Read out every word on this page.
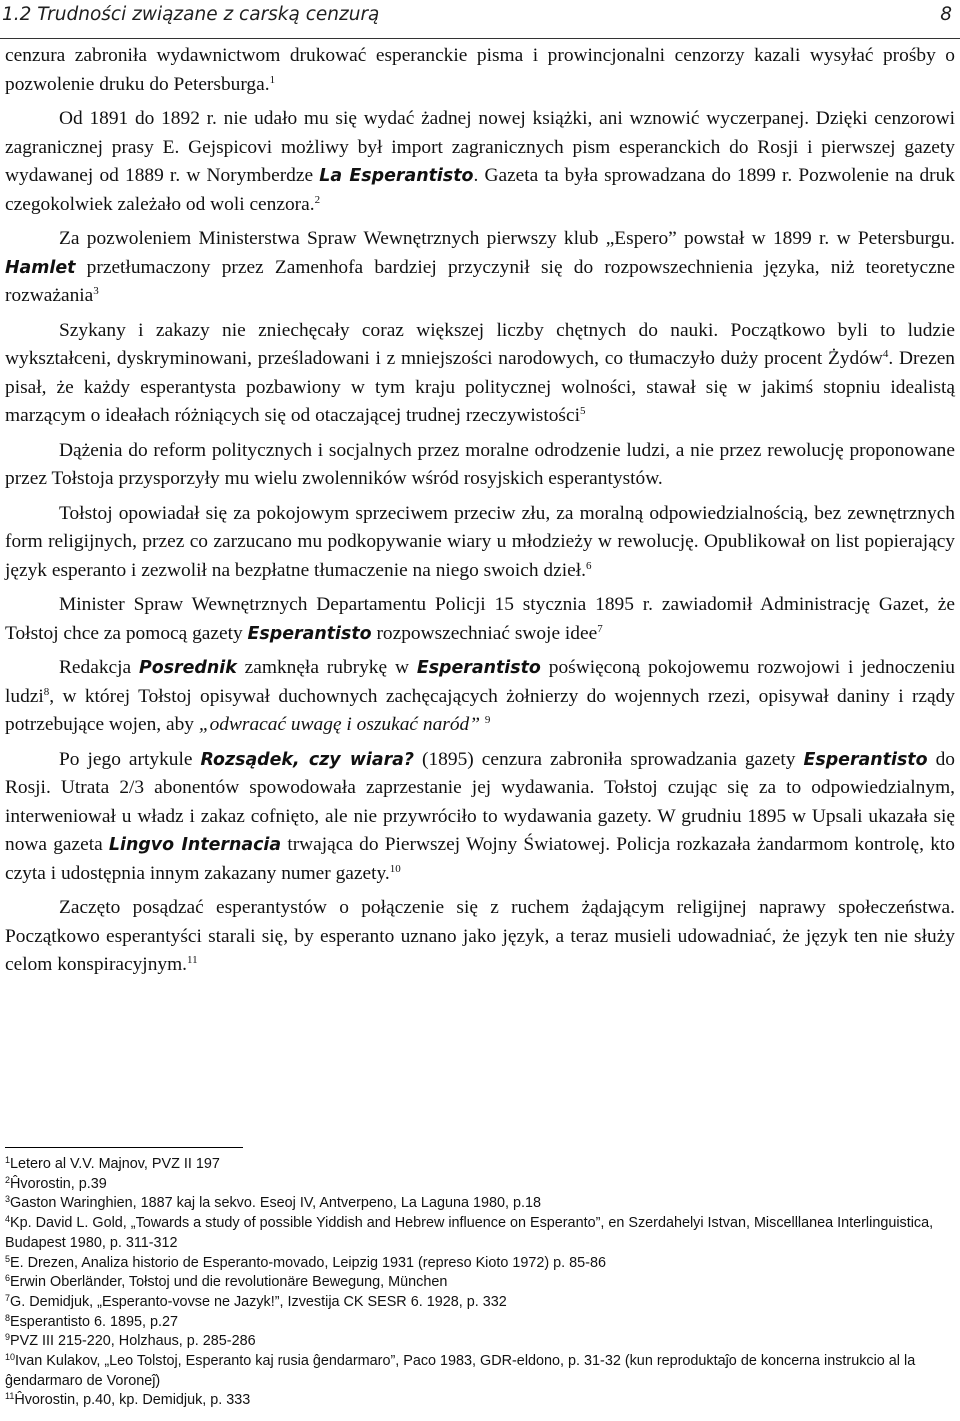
1.2 Trudności związane z carską cenzurą	8

cenzura zabroniła wydawnictwom drukować esperanckie pisma i prowincjonalni cenzorzy kazali wysyłać prośby o pozwolenie druku do Petersburga.$^1$

Od 1891 do 1892 r. nie udało mu się wydać żadnej nowej książki, ani wznowić wyczerpanej. Dzięki cenzorowi zagranicznej prasy E. Gejspicovi możliwy był import zagranicznych pism esperanckich do Rosji i pierwszej gazety wydawanej od 1889 r. w Norymberdze La Esperantisto. Gazeta ta była sprowadzana do 1899 r. Pozwolenie na druk czegokolwiek zależało od woli cenzora.$^2$

Za pozwoleniem Ministerstwa Spraw Wewnętrznych pierwszy klub „Espero” powstał w 1899 r. w Petersburgu. Hamlet przetłumaczony przez Zamenhofa bardziej przyczynił się do rozpowszechnienia języka, niż teoretyczne rozważania$^3$

Szykany i zakazy nie zniechęcały coraz większej liczby chętnych do nauki. Początkowo byli to ludzie wykształceni, dyskryminowani, prześladowani i z mniejszości narodowych, co tłumaczyło duży procent Żydów$^4$. Drezen pisał, że każdy esperantysta pozbawiony w tym kraju politycznej wolności, stawał się w jakimś stopniu idealistą marzącym o ideałach różniących się od otaczającej trudnej rzeczywistości$^5$

Dążenia do reform politycznych i socjalnych przez moralne odrodzenie ludzi, a nie przez rewolucję proponowane przez Tołstoja przysporzyły mu wielu zwolenników wśród rosyjskich esperantystów.

Tołstoj opowiadał się za pokojowym sprzeciwem przeciw złu, za moralną odpowiedzialnością, bez zewnętrznych form religijnych, przez co zarzucano mu podkopywanie wiary u młodzieży w rewolucję. Opublikował on list popierający język esperanto i zezwolił na bezpłatne tłumaczenie na niego swoich dzieł.$^6$

Minister Spraw Wewnętrznych Departamentu Policji 15 stycznia 1895 r. zawiadomił Administrację Gazet, że Tołstoj chce za pomocą gazety Esperantisto rozpowszechniać swoje idee$^7$

Redakcja Posrednik zamknęła rubrykę w Esperantisto poświęconą pokojowemu rozwojowi i jednoczeniu ludzi$^8$, w której Tołstoj opisywał duchownych zachęcających żołnierzy do wojennych rzezi, opisywał daniny i rządy potrzebujące wojen, aby „odwracać uwagę i oszukać naród” $^9$

Po jego artykule Rozsądek, czy wiara? (1895) cenzura zabroniła sprowadzania gazety Esperantisto do Rosji. Utrata 2/3 abonentów spowodowała zaprzestanie jej wydawania. Tołstoj czując się za to odpowiedzialnym, interweniował u władz i zakaz cofnięto, ale nie przywróciło to wydawania gazety. W grudniu 1895 w Upsali ukazała się nowa gazeta Lingvo Internacia trwająca do Pierwszej Wojny Światowej. Policja rozkazała żandarmom kontrolę, kto czyta i udostępnia innym zakazany numer gazety.$^{10}$

Zaczęto posądzać esperantystów o połączenie się z ruchem żądającym religijnej naprawy społeczeństwa. Początkowo esperantyści starali się, by esperanto uznano jako język, a teraz musieli udowadniać, że język ten nie służy celom konspiracyjnym.$^{11}$

$^1$Letero al V.V. Majnov, PVZ II 197
$^2$Ĥvorostin, p.39
$^3$Gaston Waringhien, 1887 kaj la sekvo. Eseoj IV, Antverpeno, La Laguna 1980, p.18
$^4$Kp. David L. Gold, „Towards a study of possible Yiddish and Hebrew influence on Esperanto”, en Szerdahelyi Istvan, Miscelllanea Interlinguistica, Budapest 1980, p. 311-312
$^5$E. Drezen, Analiza historio de Esperanto-movado, Leipzig 1931 (represo Kioto 1972) p. 85-86
$^6$Erwin Oberländer, Tołstoj und die revolutionäre Bewegung, München
$^7$G. Demidjuk, „Esperanto-vovse ne Jazyk!”, Izvestija CK SESR 6. 1928, p. 332
$^8$Esperantisto 6. 1895, p.27
$^9$PVZ III 215-220, Holzhaus, p. 285-286
$^{10}$Ivan Kulakov, „Leo Tolstoj, Esperanto kaj rusia ĝendarmaro”, Paco 1983, GDR-eldono, p. 31-32 (kun reproduktaĵo de koncerna instrukcio al la ĝendarmaro de Voroneĵ)
$^{11}$Ĥvorostin, p.40, kp. Demidjuk, p. 333
